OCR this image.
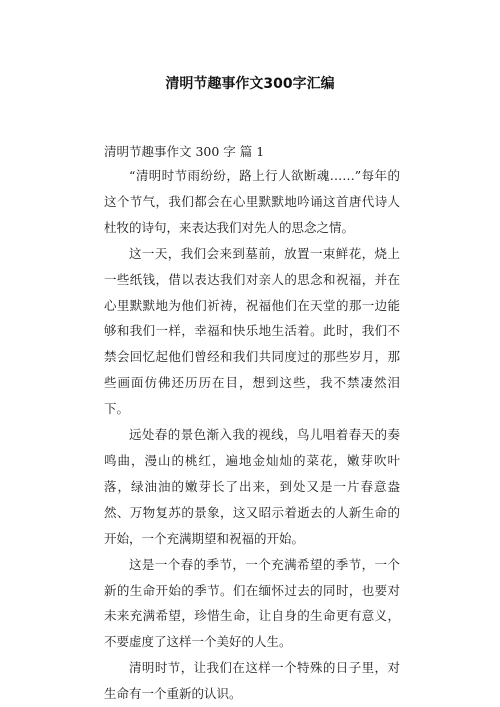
清明节趣事作文300字汇编

清明节趣事作文 300 字 篇 1

“清明时节雨纷纷，路上行人欲断魂……”每年的这个节气，我们都会在心里默默地吟诵这首唐代诗人杜牧的诗句，来表达我们对先人的思念之情。

这一天，我们会来到墓前，放置一束鲜花，烧上一些纸钱，借以表达我们对亲人的思念和祝福，并在心里默默地为他们祈祷，祝福他们在天堂的那一边能够和我们一样，幸福和快乐地生活着。此时，我们不禁会回忆起他们曾经和我们共同度过的那些岁月，那些画面仿佛还历历在目，想到这些，我不禁凄然泪下。

远处春的景色渐入我的视线，鸟儿唱着春天的奏鸣曲，漫山的桃红，遍地金灿灿的菜花，嫩芽吹叶落，绿油油的嫩芽长了出来，到处又是一片春意盎然、万物复苏的景象，这又昭示着逝去的人新生命的开始，一个充满期望和祝福的开始。

这是一个春的季节，一个充满希望的季节，一个新的生命开始的季节。们在缅怀过去的同时，也要对未来充满希望，珍惜生命，让自身的生命更有意义，不要虚度了这样一个美好的人生。

清明时节，让我们在这样一个特殊的日子里，对生命有一个重新的认识。
